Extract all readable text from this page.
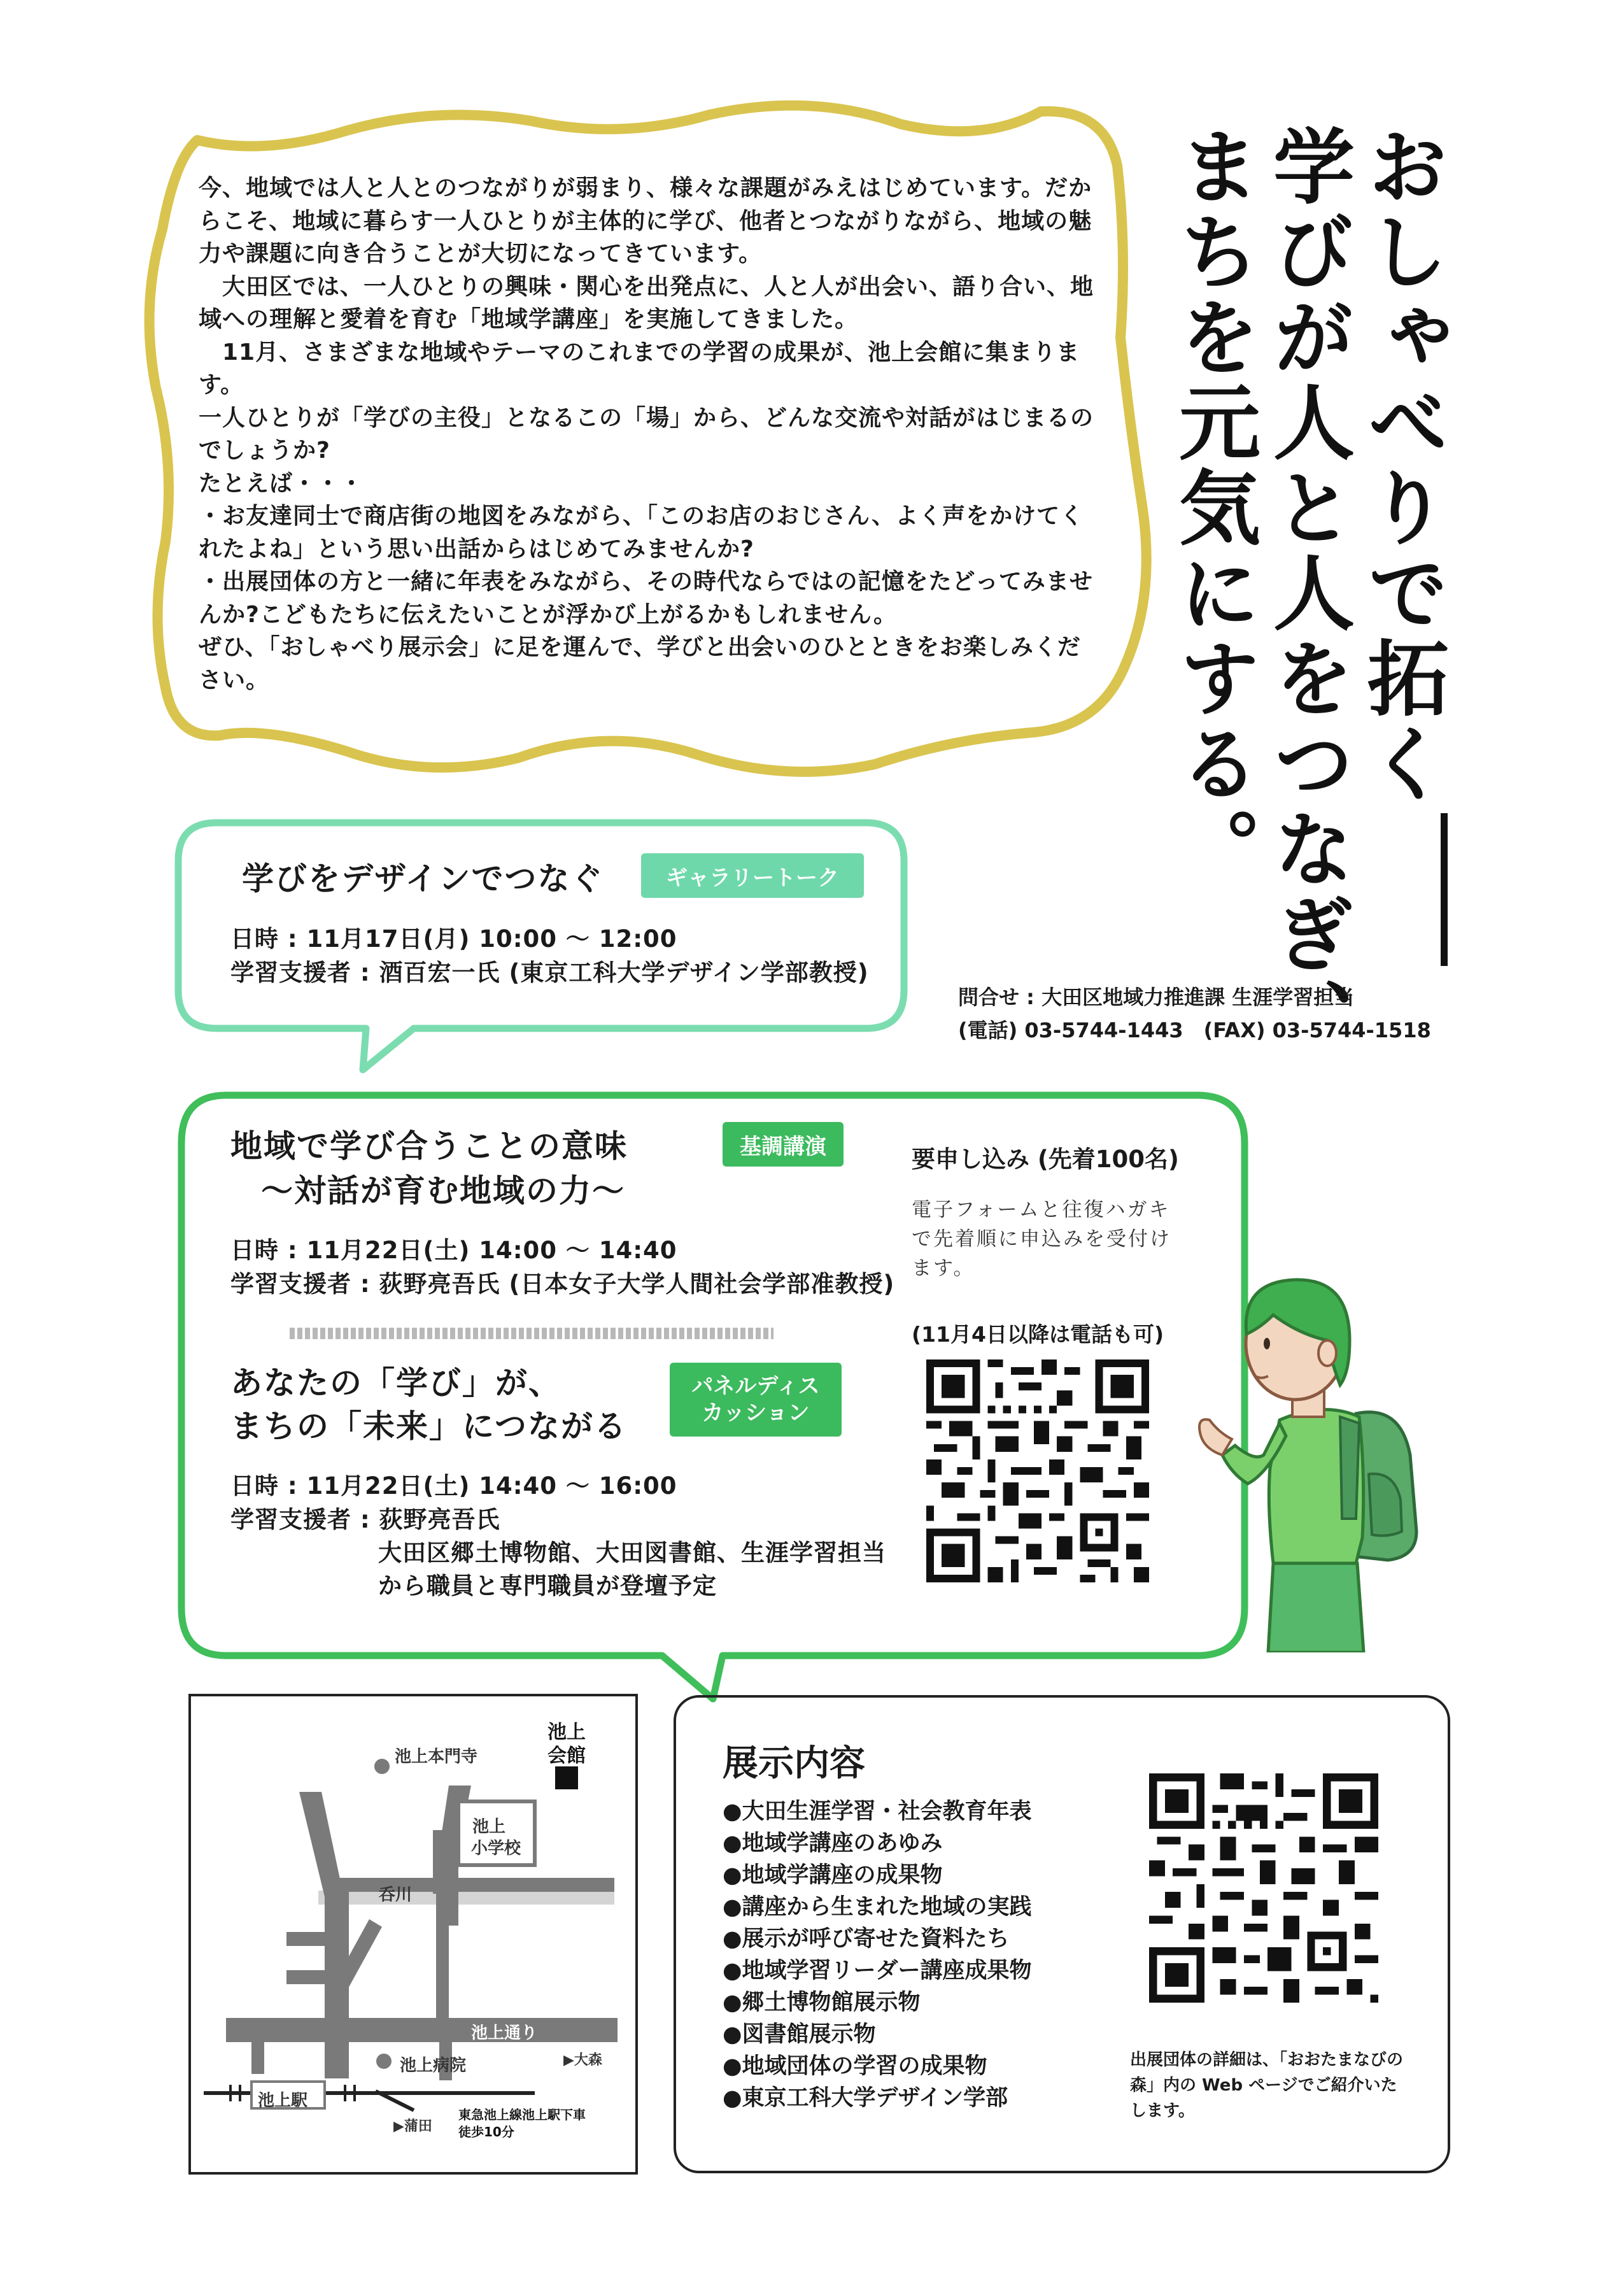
今、地域では人と人とのつながりが弱まり、様々な課題がみえはじめています。だからこそ、地域に暮らす一人ひとりが主体的に学び、他者とつながりながら、地域の魅力や課題に向き合うことが大切になってきています。

　大田区では、一人ひとりの興味・関心を出発点に、人と人が出会い、語り合い、地域への理解と愛着を育む「地域学講座」を実施してきました。

　11月、さまざまな地域やテーマのこれまでの学習の成果が、池上会館に集まります。

一人ひとりが「学びの主役」となるこの「場」から、どんな交流や対話がはじまるのでしょうか?

たとえば・・・

・お友達同士で商店街の地図をみながら、「このお店のおじさん、よく声をかけてくれたよね」という思い出話からはじめてみませんか?

・出展団体の方と一緒に年表をみながら、その時代ならではの記憶をたどってみませんか?こどもたちに伝えたいことが浮かび上がるかもしれません。

ぜひ、「おしゃべり展示会」に足を運んで、学びと出会いのひとときをお楽しみください。	おしゃべりで拓く
学びが人と人をつなぎ、
まちを元気にする。
問合せ : 大田区地域力推進課 生涯学習担当
(電話) 03-5744-1443　(FAX) 03-5744-1518
学びをデザインでつなぐ	ギャラリートーク
日時 : 11月17日(月) 10:00 ～ 12:00
学習支援者 : 酒百宏一氏 (東京工科大学デザイン学部教授)
地域で学び合うことの意味
～対話が育む地域の力～
基調講演
日時 : 11月22日(土) 14:00 ～ 14:40
学習支援者 : 荻野亮吾氏 (日本女子大学人間社会学部准教授)
あなたの「学び」が、
まちの「未来」につながる
パネルディス
カッション
日時 : 11月22日(土) 14:40 ～ 16:00
学習支援者 : 荻野亮吾氏
大田区郷土博物館、大田図書館、生涯学習担当
から職員と専門職員が登壇予定
要申し込み (先着100名)
電子フォームと往復ハガキで先着順に申込みを受付けます。
(11月4日以降は電話も可)
池上本門寺
池上
会館
池上
小学校
呑川
池上通り
池上病院	▶大森
池上駅
▶蒲田
東急池上線池上駅下車
徒歩10分
展示内容
●大田生涯学習・社会教育年表
●地域学講座のあゆみ
●地域学講座の成果物
●講座から生まれた地域の実践
●展示が呼び寄せた資料たち
●地域学習リーダー講座成果物
●郷土博物館展示物
●図書館展示物
●地域団体の学習の成果物
●東京工科大学デザイン学部
出展団体の詳細は、「おおたまなびの森」内の Web ページでご紹介いたします。
